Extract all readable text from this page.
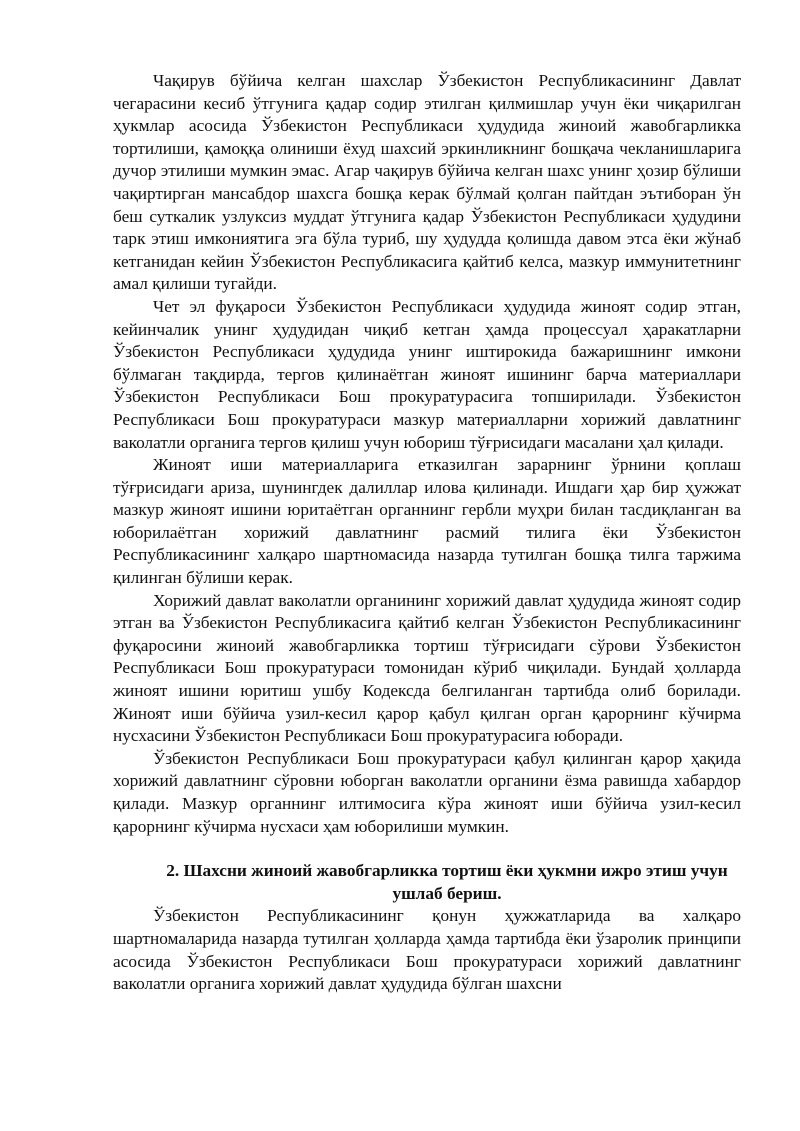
Чақирув бўйича келган шахслар Ўзбекистон Республикасининг Давлат чегарасини кесиб ўтгунига қадар содир этилган қилмишлар учун ёки чиқарилган ҳукмлар асосида Ўзбекистон Республикаси ҳудудида жиноий жавобгарликка тортилиши, қамоққа олиниши ёхуд шахсий эркинликнинг бошқача чекланишларига дучор этилиши мумкин эмас. Агар чақирув бўйича келган шахс унинг ҳозир бўлиши чақиртирган мансабдор шахсга бошқа керак бўлмай қолган пайтдан эътиборан ўн беш суткалик узлуксиз муддат ўтгунига қадар Ўзбекистон Республикаси ҳудудини тарк этиш имкониятига эга бўла туриб, шу ҳудудда қолишда давом этса ёки жўнаб кетганидан кейин Ўзбекистон Республикасига қайтиб келса, мазкур иммунитетнинг амал қилиши тугайди.

Чет эл фуқароси Ўзбекистон Республикаси ҳудудида жиноят содир этган, кейинчалик унинг ҳудудидан чиқиб кетган ҳамда процессуал ҳаракатларни Ўзбекистон Республикаси ҳудудида унинг иштирокида бажаришнинг имкони бўлмаган тақдирда, тергов қилинаётган жиноят ишининг барча материаллари Ўзбекистон Республикаси Бош прокуратурасига топширилади. Ўзбекистон Республикаси Бош прокуратураси мазкур материалларни хорижий давлатнинг ваколатли органига тергов қилиш учун юбориш тўғрисидаги масалани ҳал қилади.

Жиноят иши материалларига етказилган зарарнинг ўрнини қоплаш тўғрисидаги ариза, шунингдек далиллар илова қилинади. Ишдаги ҳар бир ҳужжат мазкур жиноят ишини юритаётган органнинг гербли муҳри билан тасдиқланган ва юборилаётган хорижий давлатнинг расмий тилига ёки Ўзбекистон Республикасининг халқаро шартномасида назарда тутилган бошқа тилга таржима қилинган бўлиши керак.

Хорижий давлат ваколатли органининг хорижий давлат ҳудудида жиноят содир этган ва Ўзбекистон Республикасига қайтиб келган Ўзбекистон Республикасининг фуқаросини жиноий жавобгарликка тортиш тўғрисидаги сўрови Ўзбекистон Республикаси Бош прокуратураси томонидан кўриб чиқилади. Бундай ҳолларда жиноят ишини юритиш ушбу Кодексда белгиланган тартибда олиб борилади. Жиноят иши бўйича узил-кесил қарор қабул қилган орган қарорнинг кўчирма нусхасини Ўзбекистон Республикаси Бош прокуратурасига юборади.

Ўзбекистон Республикаси Бош прокуратураси қабул қилинган қарор ҳақида хорижий давлатнинг сўровни юборган ваколатли органини ёзма равишда хабардор қилади. Мазкур органнинг илтимосига кўра жиноят иши бўйича узил-кесил қарорнинг кўчирма нусхаси ҳам юборилиши мумкин.

2. Шахсни жиноий жавобгарликка тортиш ёки ҳукмни ижро этиш учун ушлаб бериш.

Ўзбекистон Республикасининг қонун ҳужжатларида ва халқаро шартномаларида назарда тутилган ҳолларда ҳамда тартибда ёки ўзаролик принципи асосида Ўзбекистон Республикаси Бош прокуратураси хорижий давлатнинг ваколатли органига хорижий давлат ҳудудида бўлган шахсни
